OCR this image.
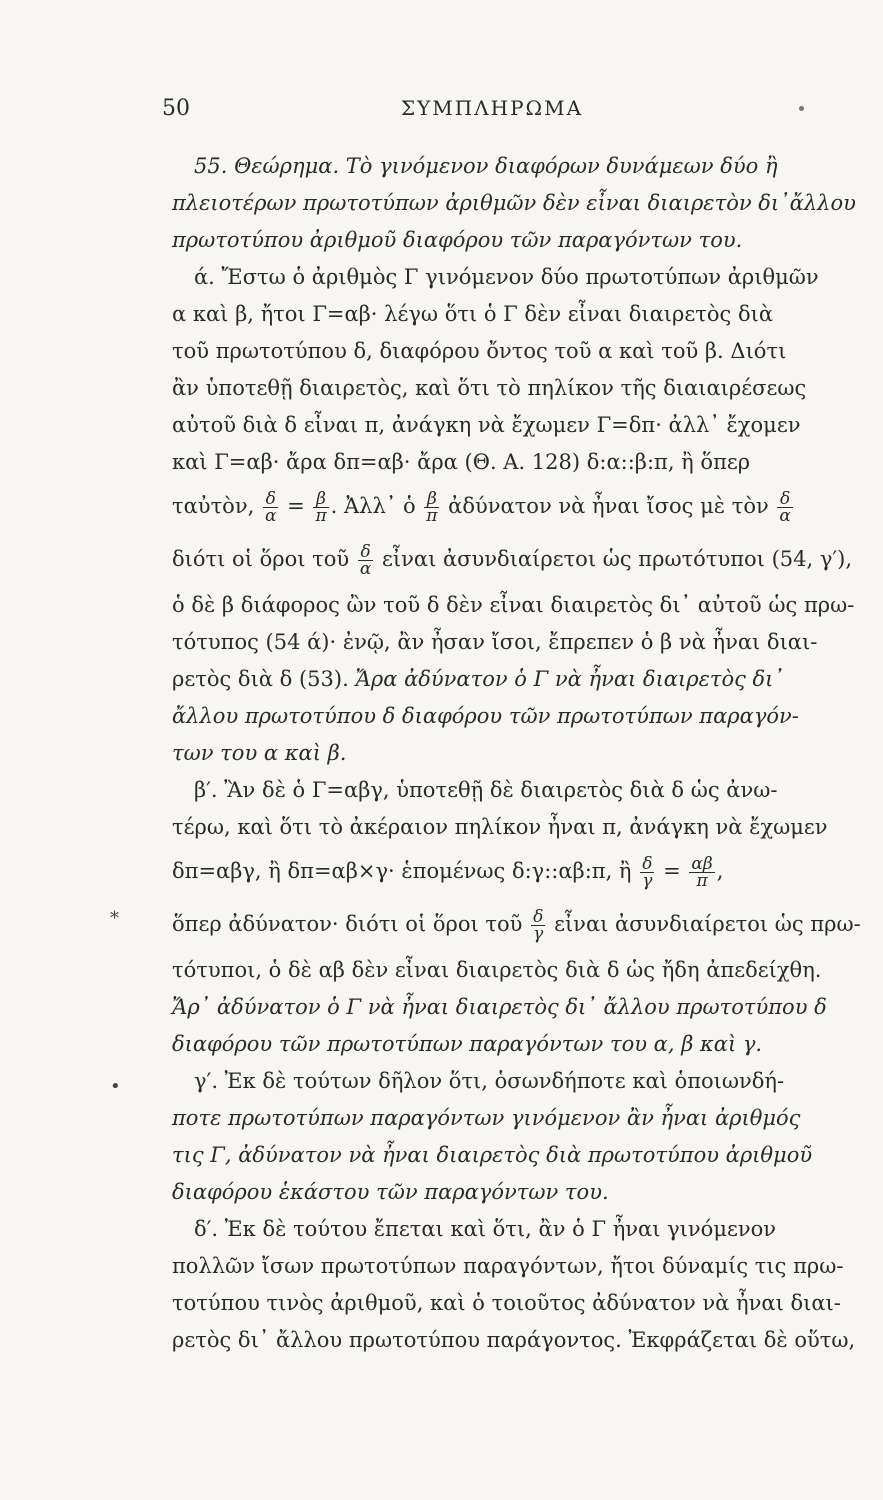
50	ΣΥΜΠΛΗΡΩΜΑ
•
*
55. Θεώρημα. Τὸ γινόμενον διαφόρων δυνάμεων δύο ἢ
πλειοτέρων πρωτοτύπων ἀριθμῶν δὲν εἶναι διαιρετὸν δι᾽ἄλλου
πρωτοτύπου ἀριθμοῦ διαφόρου τῶν παραγόντων του.
ά. Ἔστω ὁ ἀριθμὸς Γ γινόμενον δύο πρωτοτύπων ἀριθμῶν
α καὶ β, ἤτοι Γ=αβ· λέγω ὅτι ὁ Γ δὲν εἶναι διαιρετὸς διὰ
τοῦ πρωτοτύπου δ, διαφόρου ὄντος τοῦ α καὶ τοῦ β. Διότι
ἂν ὑποτεθῇ διαιρετὸς, καὶ ὅτι τὸ πηλίκον τῆς διαιαιρέσεως
αὐτοῦ διὰ δ εἶναι π, ἀνάγκη νὰ ἔχωμεν Γ=δπ· ἀλλ᾽ ἔχομεν
καὶ Γ=αβ· ἄρα δπ=αβ· ἄρα (Θ. Α. 128) δ:α::β:π, ἢ ὅπερ
ταὐτὸν, $\frac{\delta}{\alpha} = \frac{\beta}{\pi}$ . Ἀλλ᾽ ὁ $\frac{\beta}{\pi}$ ἀδύνατον νὰ ἦναι ἴσος μὲ τὸν $\frac{\delta}{\alpha}$
διότι οἱ ὅροι τοῦ $\frac{\delta}{\alpha}$ εἶναι ἀσυνδιαίρετοι ὡς πρωτότυποι (54, γ′),
ὁ δὲ β διάφορος ὢν τοῦ δ δὲν εἶναι διαιρετὸς δι᾽ αὐτοῦ ὡς πρω-
τότυπος (54 ά)· ἐνῷ, ἂν ἦσαν ἴσοι, ἔπρεπεν ὁ β νὰ ἦναι διαι-
ρετὸς διὰ δ (53). Ἄρα ἀδύνατον ὁ Γ νὰ ἦναι διαιρετὸς δι᾽
ἄλλου πρωτοτύπου δ διαφόρου τῶν πρωτοτύπων παραγόν-
των του α καὶ β.
β′. Ἂν δὲ ὁ Γ=αβγ, ὑποτεθῇ δὲ διαιρετὸς διὰ δ ὡς ἀνω-
τέρω, καὶ ὅτι τὸ ἀκέραιον πηλίκον ἦναι π, ἀνάγκη νὰ ἔχωμεν
δπ=αβγ, ἢ δπ=αβ×γ· ἑπομένως δ:γ::αβ:π, ἢ $\frac{\delta}{\gamma} = \frac{\alpha\beta}{\pi}$ ,
ὅπερ ἀδύνατον· διότι οἱ ὅροι τοῦ $\frac{\delta}{\gamma}$ εἶναι ἀσυνδιαίρετοι ὡς πρω-
τότυποι, ὁ δὲ αβ δὲν εἶναι διαιρετὸς διὰ δ ὡς ἤδη ἀπεδείχθη.
Ἄρ᾽ ἀδύνατον ὁ Γ νὰ ἦναι διαιρετὸς δι᾽ ἄλλου πρωτοτύπου δ
διαφόρου τῶν πρωτοτύπων παραγόντων του α, β καὶ γ.
γ′. Ἐκ δὲ τούτων δῆλον ὅτι, ὁσωνδήποτε καὶ ὁποιωνδή-
ποτε πρωτοτύπων παραγόντων γινόμενον ἂν ἦναι ἀριθμός
τις Γ, ἀδύνατον νὰ ἦναι διαιρετὸς διὰ πρωτοτύπου ἀριθμοῦ
διαφόρου ἑκάστου τῶν παραγόντων του.
δ′. Ἐκ δὲ τούτου ἔπεται καὶ ὅτι, ἂν ὁ Γ ἦναι γινόμενον
πολλῶν ἴσων πρωτοτύπων παραγόντων, ἤτοι δύναμίς τις πρω-
τοτύπου τινὸς ἀριθμοῦ, καὶ ὁ τοιοῦτος ἀδύνατον νὰ ἦναι διαι-
ρετὸς δι᾽ ἄλλου πρωτοτύπου παράγοντος. Ἐκφράζεται δὲ οὕτω,
